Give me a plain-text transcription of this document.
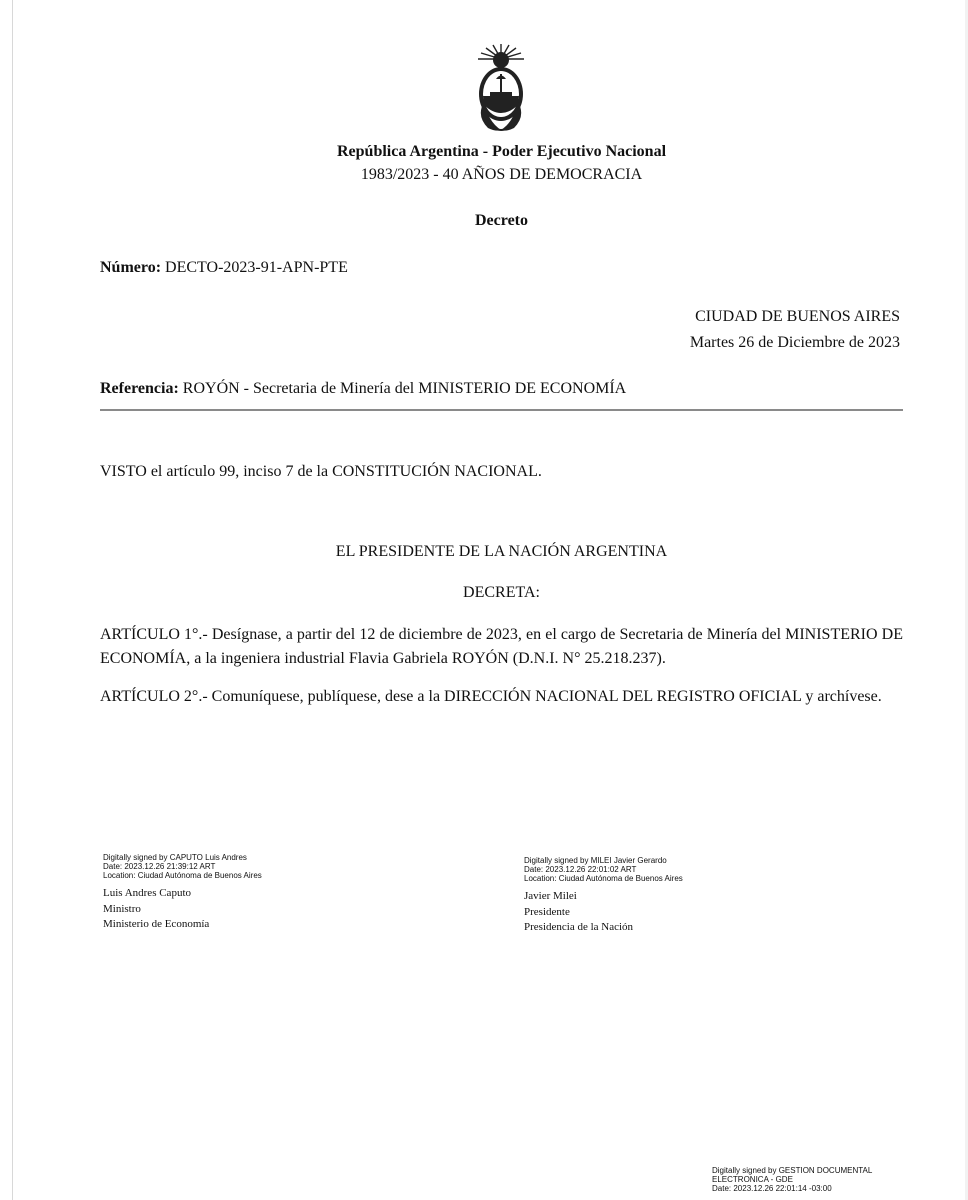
República Argentina - Poder Ejecutivo Nacional
1983/2023 - 40 AÑOS DE DEMOCRACIA
Decreto
Número: DECTO-2023-91-APN-PTE
CIUDAD DE BUENOS AIRES
Martes 26 de Diciembre de 2023
Referencia: ROYÓN - Secretaria de Minería del MINISTERIO DE ECONOMÍA
VISTO el artículo 99, inciso 7 de la CONSTITUCIÓN NACIONAL.
EL PRESIDENTE DE LA NACIÓN ARGENTINA
DECRETA:
ARTÍCULO 1°.- Desígnase, a partir del 12 de diciembre de 2023, en el cargo de Secretaria de Minería del MINISTERIO DE ECONOMÍA, a la ingeniera industrial Flavia Gabriela ROYÓN (D.N.I. N° 25.218.237).
ARTÍCULO 2°.- Comuníquese, publíquese, dese a la DIRECCIÓN NACIONAL DEL REGISTRO OFICIAL y archívese.
Digitally signed by CAPUTO Luis Andres
Date: 2023.12.26 21:39:12 ART
Location: Ciudad Autónoma de Buenos Aires
Luis Andres Caputo
Ministro
Ministerio de Economía
Digitally signed by MILEI Javier Gerardo
Date: 2023.12.26 22:01:02 ART
Location: Ciudad Autónoma de Buenos Aires
Javier Milei
Presidente
Presidencia de la Nación
Digitally signed by GESTION DOCUMENTAL
ELECTRONICA - GDE
Date: 2023.12.26 22:01:14 -03:00
